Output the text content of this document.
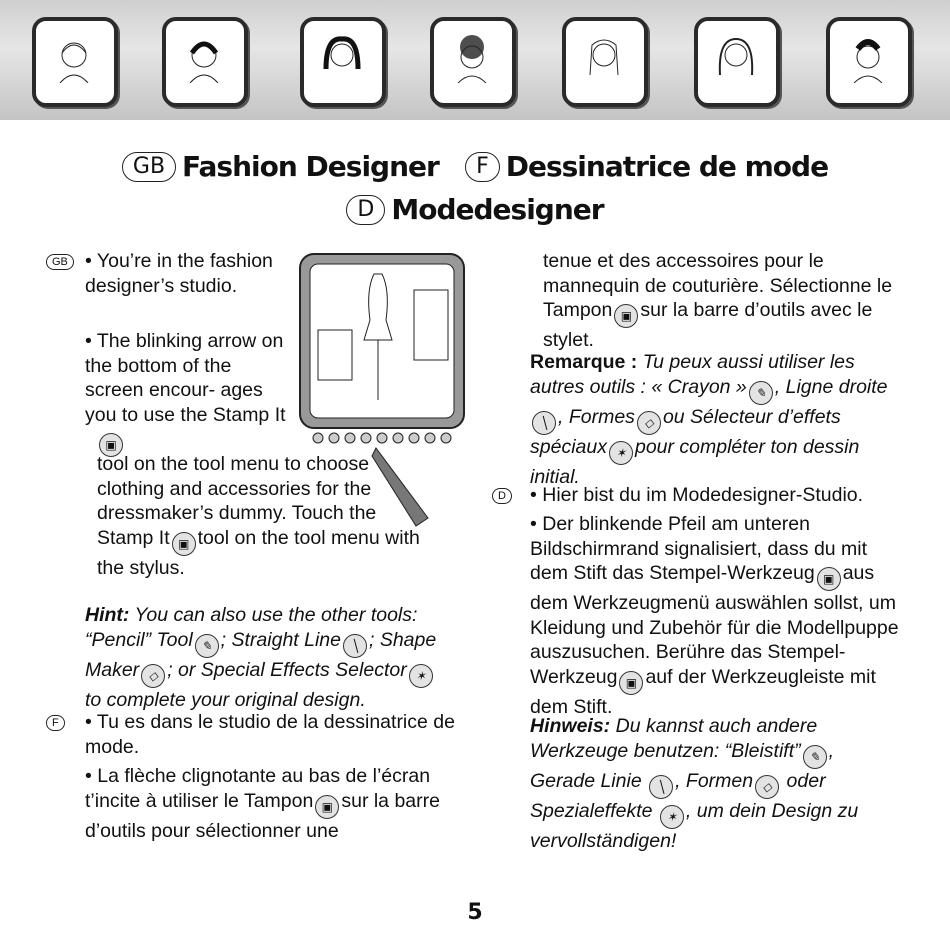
GB Fashion Designer F Dessinatrice de mode
D Modedesigner
GB • You’re in the fashion designer’s studio.
• The blinking arrow on the bottom of the screen encour- ages you to use the Stamp It
▣
tool on the tool menu to choose clothing and accessories for the dressmaker’s dummy. Touch the Stamp It ▣ tool on the tool menu with the stylus.
Hint: You can also use the other tools: “Pencil” Tool ✎ ; Straight Line ╲ ; Shape Maker ◇ ; or Special Effects Selector ✶ to complete your original design.
F	• Tu es dans le studio de la dessinatrice de mode.
• La flèche clignotante au bas de l’écran t’incite à utiliser le Tampon ▣ sur la barre d’outils pour sélectionner une
tenue et des accessoires pour le mannequin de couturière. Sélectionne le Tampon ▣ sur la barre d’outils avec le stylet.
Remarque : Tu peux aussi utiliser les autres outils : « Crayon » ✎ , Ligne droite ╲ , Formes ◇ ou Sélecteur d’effets spéciaux ✶ pour compléter ton dessin initial.
D	• Hier bist du im Modedesigner-Studio.
• Der blinkende Pfeil am unteren Bildschirmrand signalisiert, dass du mit dem Stift das Stempel-Werkzeug ▣ aus dem Werkzeugmenü auswählen sollst, um Kleidung und Zubehör für die Modellpuppe auszusuchen. Berühre das Stempel-Werkzeug ▣ auf der Werkzeugleiste mit dem Stift.
Hinweis: Du kannst auch andere Werkzeuge benutzen: “Bleistift” ✎ , Gerade Linie ╲ , Formen ◇ oder Spezialeffekte ✶ , um dein Design zu vervollständigen!
5
